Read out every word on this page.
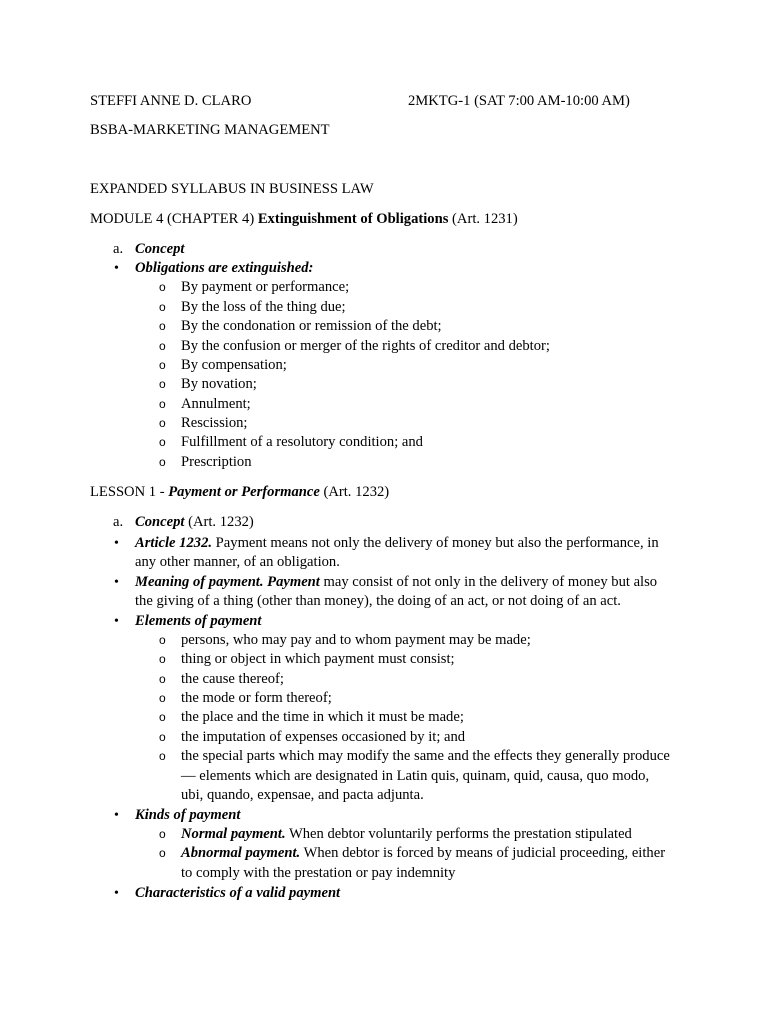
STEFFI ANNE D. CLARO	2MKTG-1 (SAT 7:00 AM-10:00 AM)
BSBA-MARKETING MANAGEMENT
EXPANDED SYLLABUS IN BUSINESS LAW
MODULE 4 (CHAPTER 4) Extinguishment of Obligations (Art. 1231)
a. Concept
• Obligations are extinguished:
o By payment or performance;
o By the loss of the thing due;
o By the condonation or remission of the debt;
o By the confusion or merger of the rights of creditor and debtor;
o By compensation;
o By novation;
o Annulment;
o Rescission;
o Fulfillment of a resolutory condition; and
o Prescription
LESSON 1 - Payment or Performance (Art. 1232)
a. Concept (Art. 1232)
• Article 1232. Payment means not only the delivery of money but also the performance, in
any other manner, of an obligation.
• Meaning of payment. Payment may consist of not only in the delivery of money but also
the giving of a thing (other than money), the doing of an act, or not doing of an act.
• Elements of payment
o persons, who may pay and to whom payment may be made;
o thing or object in which payment must consist;
o the cause thereof;
o the mode or form thereof;
o the place and the time in which it must be made;
o the imputation of expenses occasioned by it; and
o the special parts which may modify the same and the effects they generally produce
— elements which are designated in Latin quis, quinam, quid, causa, quo modo,
ubi, quando, expensae, and pacta adjunta.
• Kinds of payment
o Normal payment. When debtor voluntarily performs the prestation stipulated
o Abnormal payment. When debtor is forced by means of judicial proceeding, either
to comply with the prestation or pay indemnity
• Characteristics of a valid payment
